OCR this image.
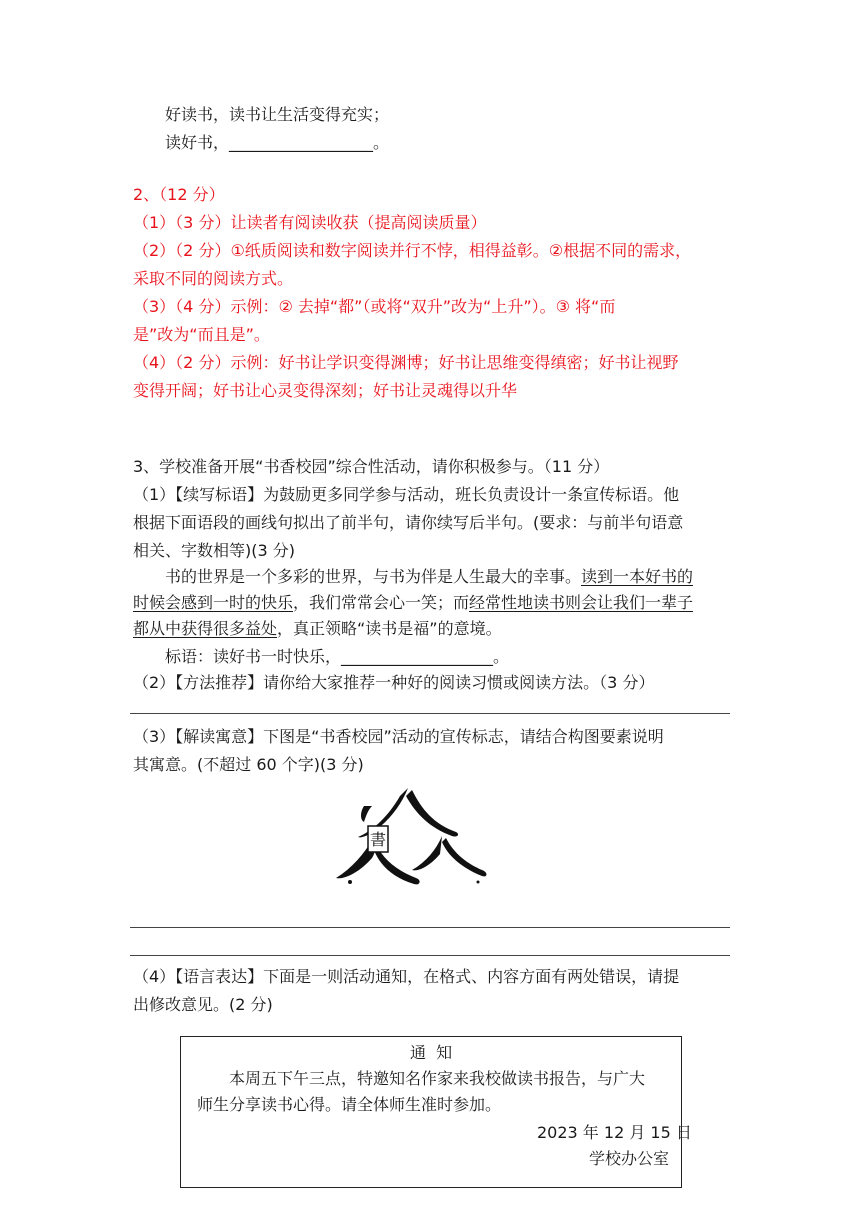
好读书，读书让生活变得充实；
读好书，__________________。
2、（12 分）
（1）（3 分）让读者有阅读收获（提高阅读质量）
（2）（2 分）①纸质阅读和数字阅读并行不悖，相得益彰。②根据不同的需求，
采取不同的阅读方式。
（3）（4 分）示例：② 去掉“都”（或将“双升”改为“上升”）。③ 将“而
是”改为“而且是”。
（4）（2 分）示例：好书让学识变得渊博；好书让思维变得缜密；好书让视野
变得开阔；好书让心灵变得深刻；好书让灵魂得以升华
3、学校准备开展“书香校园”综合性活动，请你积极参与。（11 分）
（1）【续写标语】为鼓励更多同学参与活动，班长负责设计一条宣传标语。他
根据下面语段的画线句拟出了前半句，请你续写后半句。(要求：与前半句语意
相关、字数相等)(3 分)
书的世界是一个多彩的世界，与书为伴是人生最大的幸事。读到一本好书的
时候会感到一时的快乐，我们常常会心一笑；而经常性地读书则会让我们一辈子
都从中获得很多益处，真正领略“读书是福”的意境。
标语：读好书一时快乐，___________________。
（2）【方法推荐】请你给大家推荐一种好的阅读习惯或阅读方法。（3 分）
（3）【解读寓意】下图是“书香校园”活动的宣传标志，请结合构图要素说明
其寓意。(不超过 60 个字)(3 分)
書
（4）【语言表达】下面是一则活动通知，在格式、内容方面有两处错误，请提
出修改意见。(2 分)
通  知
本周五下午三点，特邀知名作家来我校做读书报告，与广大
师生分享读书心得。请全体师生准时参加。
2023 年 12 月 15 日
学校办公室
